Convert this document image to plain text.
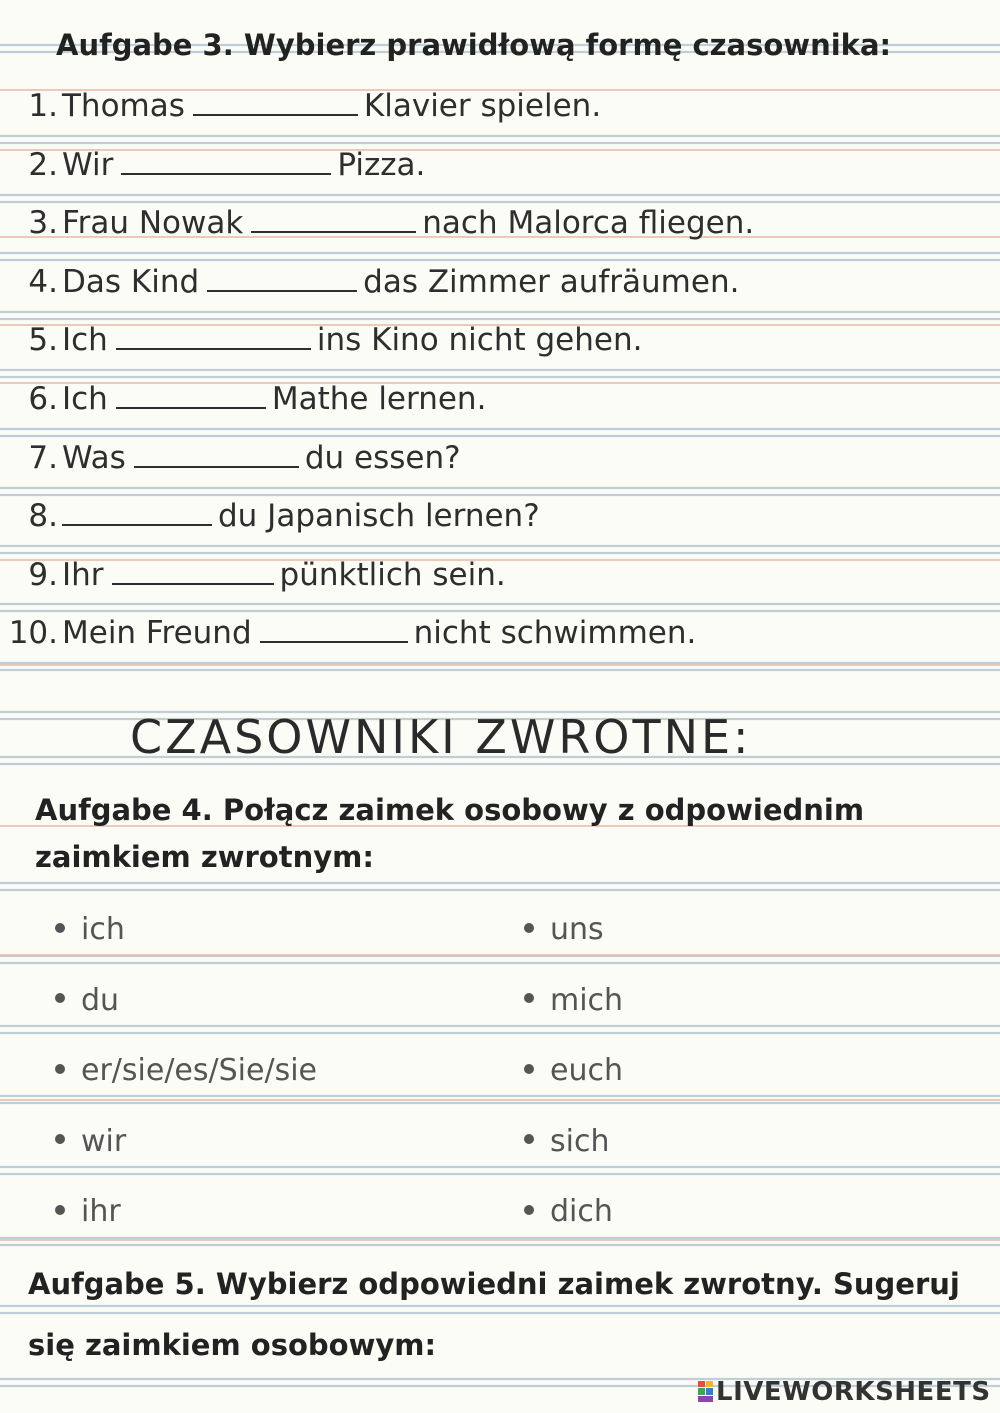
Aufgabe 3. Wybierz prawidłową formę czasownika:
1. Thomas	Klavier spielen.
2. Wir	Pizza.
3. Frau Nowak	nach Malorca fliegen.
4. Das Kind	das Zimmer aufräumen.
5. Ich	ins Kino nicht gehen.
6. Ich	Mathe lernen.
7. Was	du essen?
8.	du Japanisch lernen?
9. Ihr	pünktlich sein.
10. Mein Freund	nicht schwimmen.
CZASOWNIKI ZWROTNE:
Aufgabe 4. Połącz zaimek osobowy z odpowiednim
zaimkiem zwrotnym:
ich
du
er/sie/es/Sie/sie
wir
ihr
uns
mich
euch
sich
dich
Aufgabe 5. Wybierz odpowiedni zaimek zwrotny. Sugeruj
się zaimkiem osobowym:
LIVEWORKSHEETS
